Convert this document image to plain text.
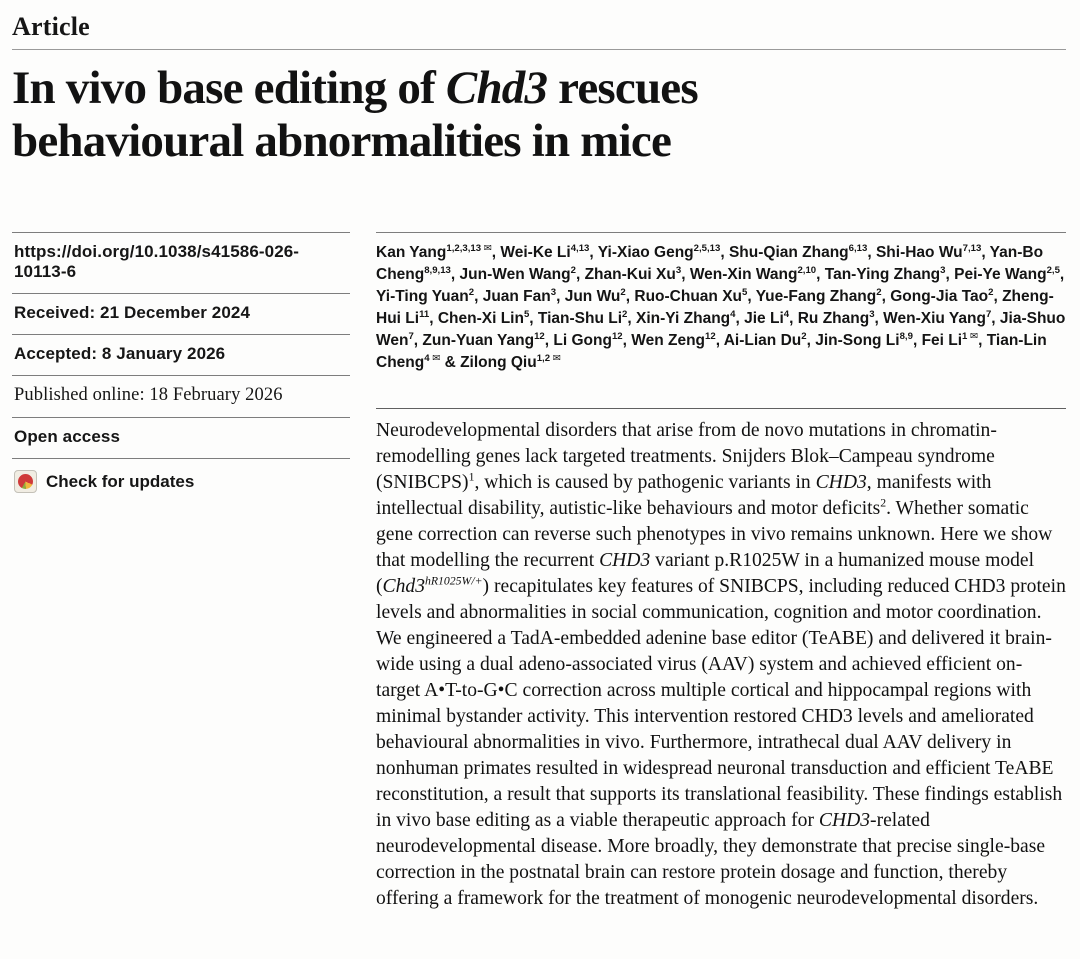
Article
In vivo base editing of Chd3 rescues behavioural abnormalities in mice
https://doi.org/10.1038/s41586-026-10113-6
Received: 21 December 2024
Accepted: 8 January 2026
Published online: 18 February 2026
Open access
Check for updates
Kan Yang$^{1,2,3,13 ✉}$, Wei-Ke Li$^{4,13}$, Yi-Xiao Geng$^{2,5,13}$, Shu-Qian Zhang$^{6,13}$, Shi-Hao Wu$^{7,13}$, Yan-Bo Cheng$^{8,9,13}$, Jun-Wen Wang$^2$, Zhan-Kui Xu$^3$, Wen-Xin Wang$^{2,10}$, Tan-Ying Zhang$^3$, Pei-Ye Wang$^{2,5}$, Yi-Ting Yuan$^2$, Juan Fan$^3$, Jun Wu$^2$, Ruo-Chuan Xu$^5$, Yue-Fang Zhang$^2$, Gong-Jia Tao$^2$, Zheng-Hui Li$^{11}$, Chen-Xi Lin$^5$, Tian-Shu Li$^2$, Xin-Yi Zhang$^4$, Jie Li$^4$, Ru Zhang$^3$, Wen-Xiu Yang$^7$, Jia-Shuo Wen$^7$, Zun-Yuan Yang$^{12}$, Li Gong$^{12}$, Wen Zeng$^{12}$, Ai-Lian Du$^2$, Jin-Song Li$^{8,9}$, Fei $Li^{1 ✉}$, Tian-Lin Cheng$^{4 ✉}$ & Zilong Qiu$^{1,2 ✉}$

Neurodevelopmental disorders that arise from de novo mutations in chromatin-remodelling genes lack targeted treatments. Snijders Blok–Campeau syndrome (SNIBCPS)$^1$, which is caused by pathogenic variants in CHD3, manifests with intellectual disability, autistic-like behaviours and motor deficits$^2$. Whether somatic gene correction can reverse such phenotypes in vivo remains unknown. Here we show that modelling the recurrent CHD3 variant p.R1025W in a humanized mouse model $(Chd3^{hR1025W/+})$ recapitulates key features of SNIBCPS, including reduced CHD3 protein levels and abnormalities in social communication, cognition and motor coordination. We engineered a TadA-embedded adenine base editor (TeABE) and delivered it brain-wide using a dual adeno-associated virus (AAV) system and achieved efficient on-target A•T-to-G•C correction across multiple cortical and hippocampal regions with minimal bystander activity. This intervention restored CHD3 levels and ameliorated behavioural abnormalities in vivo. Furthermore, intrathecal dual AAV delivery in nonhuman primates resulted in widespread neuronal transduction and efficient TeABE reconstitution, a result that supports its translational feasibility. These findings establish in vivo base editing as a viable therapeutic approach for CHD3-related neurodevelopmental disease. More broadly, they demonstrate that precise single-base correction in the postnatal brain can restore protein dosage and function, thereby offering a framework for the treatment of monogenic neurodevelopmental disorders.
